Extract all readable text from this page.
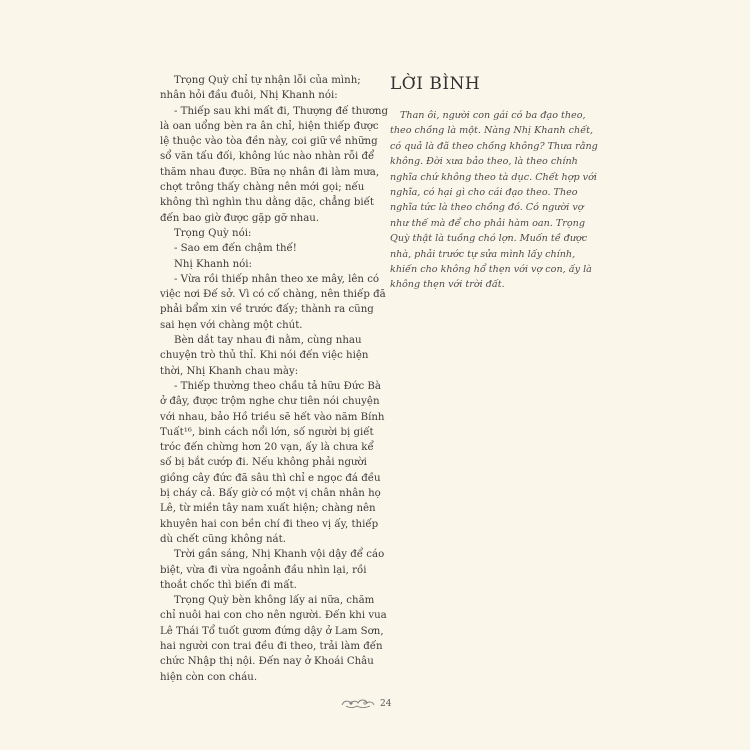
Trọng Quỳ chỉ tự nhận lỗi của mình; nhân hỏi đầu đuôi, Nhị Khanh nói:

- Thiếp sau khi mất đi, Thượng đế thương là oan uổng bèn ra ân chỉ, hiện thiếp được lệ thuộc vào tòa đền này, coi giữ về những sổ văn tấu đối, không lúc nào nhàn rỗi để thăm nhau được. Bữa nọ nhân đi làm mưa, chợt trông thấy chàng nên mới gọi; nếu không thì nghìn thu dằng dặc, chẳng biết đến bao giờ được gặp gỡ nhau.

Trọng Quỳ nói:

- Sao em đến chậm thế!

Nhị Khanh nói:

- Vừa rồi thiếp nhân theo xe mây, lên có việc nơi Đế sở. Vì có cố chàng, nên thiếp đã phải bẩm xin về trước đấy; thành ra cũng sai hẹn với chàng một chút.

Bèn dắt tay nhau đi nằm, cùng nhau chuyện trò thủ thỉ. Khi nói đến việc hiện thời, Nhị Khanh chau mày:

- Thiếp thường theo chầu tả hữu Đức Bà ở đây, được trộm nghe chư tiên nói chuyện với nhau, bảo Hồ triều sẽ hết vào năm Bính Tuất¹⁶, binh cách nổi lớn, số người bị giết tróc đến chừng hơn 20 vạn, ấy là chưa kể số bị bắt cướp đi. Nếu không phải người giồng cây đức đã sâu thì chỉ e ngọc đá đều bị cháy cả. Bấy giờ có một vị chân nhân họ Lê, từ miền tây nam xuất hiện; chàng nên khuyên hai con bền chí đi theo vị ấy, thiếp dù chết cũng không nát.

Trời gần sáng, Nhị Khanh vội dậy để cáo biệt, vừa đi vừa ngoảnh đầu nhìn lại, rồi thoắt chốc thì biến đi mất.

Trọng Quỳ bèn không lấy ai nữa, chăm chỉ nuôi hai con cho nên người. Đến khi vua Lê Thái Tổ tuốt gươm đứng dậy ở Lam Sơn, hai người con trai đều đi theo, trải làm đến chức Nhập thị nội. Đến nay ở Khoái Châu hiện còn con cháu.

LỜI BÌNH

Than ôi, người con gái có ba đạo theo, theo chồng là một. Nàng Nhị Khanh chết, có quả là đã theo chồng không? Thưa rằng không. Đời xưa bảo theo, là theo chính nghĩa chứ không theo tà dục. Chết hợp với nghĩa, có hại gì cho cái đạo theo. Theo nghĩa tức là theo chồng đó. Có người vợ như thế mà để cho phải hàm oan. Trọng Quỳ thật là tuồng chó lợn. Muốn tề được nhà, phải trước tự sửa mình lấy chính, khiến cho không hổ thẹn với vợ con, ấy là không thẹn với trời đất.

24
